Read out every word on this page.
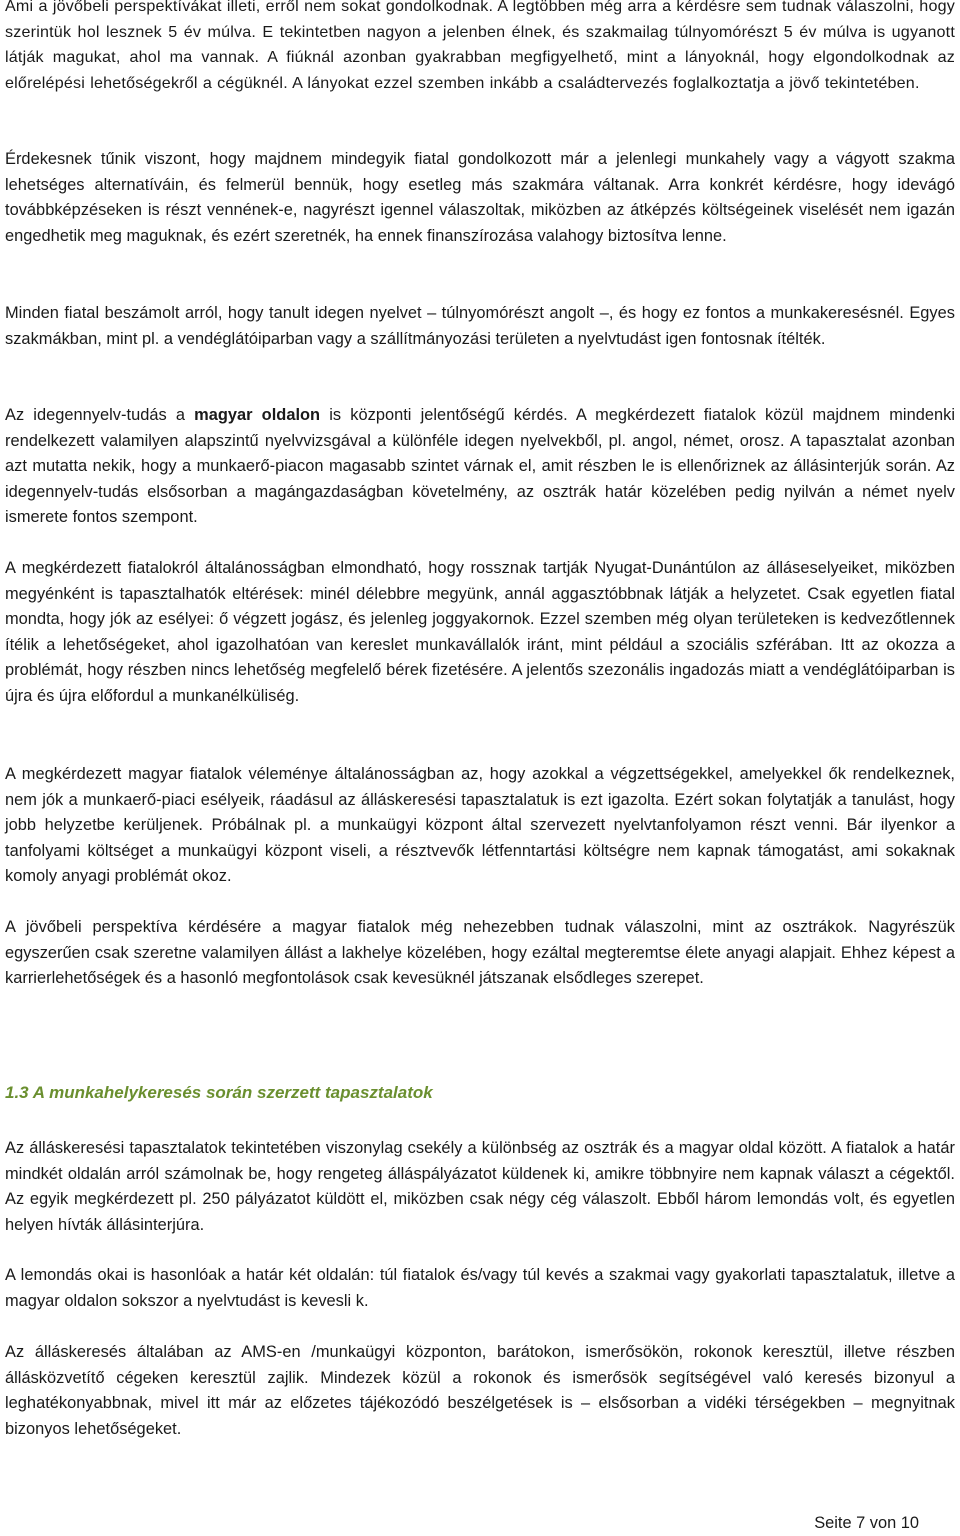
Ami a jövőbeli perspektívákat illeti, erről nem sokat gondolkodnak. A legtöbben még arra a kérdésre sem tudnak válaszolni, hogy szerintük hol lesznek 5 év múlva. E tekintetben nagyon a jelenben élnek, és szakmailag túlnyomórészt 5 év múlva is ugyanott látják magukat, ahol ma vannak. A fiúknál azonban gyakrabban megfigyelhető, mint a lányoknál, hogy elgondolkodnak az előrelépési lehetőségekről a cégüknél. A lányokat ezzel szemben inkább a családtervezés foglalkoztatja a jövő tekintetében.

Érdekesnek tűnik viszont, hogy majdnem mindegyik fiatal gondolkozott már a jelenlegi munkahely vagy a vágyott szakma lehetséges alternatíváin, és felmerül bennük, hogy esetleg más szakmára váltanak. Arra konkrét kérdésre, hogy idevágó továbbképzéseken is részt vennének-e, nagyrészt igennel válaszoltak, miközben az átképzés költségeinek viselését nem igazán engedhetik meg maguknak, és ezért szeretnék, ha ennek finanszírozása valahogy biztosítva lenne.

Minden fiatal beszámolt arról, hogy tanult idegen nyelvet – túlnyomórészt angolt –, és hogy ez fontos a munkakeresésnél. Egyes szakmákban, mint pl. a vendéglátóiparban vagy a szállítmányozási területen a nyelvtudást igen fontosnak ítélték.

Az idegennyelv-tudás a magyar oldalon is központi jelentőségű kérdés. A megkérdezett fiatalok közül majdnem mindenki rendelkezett valamilyen alapszintű nyelvvizsgával a különféle idegen nyelvekből, pl. angol, német, orosz. A tapasztalat azonban azt mutatta nekik, hogy a munkaerő-piacon magasabb szintet várnak el, amit részben le is ellenőriznek az állásinterjúk során. Az idegennyelv-tudás elsősorban a magángazdaságban követelmény, az osztrák határ közelében pedig nyilván a német nyelv ismerete fontos szempont.

A megkérdezett fiatalokról általánosságban elmondható, hogy rossznak tartják Nyugat-Dunántúlon az álláseselyeiket, miközben megyénként is tapasztalhatók eltérések: minél délebbre megyünk, annál aggasztóbbnak látják a helyzetet. Csak egyetlen fiatal mondta, hogy jók az esélyei: ő végzett jogász, és jelenleg joggyakornok. Ezzel szemben még olyan területeken is kedvezőtlennek ítélik a lehetőségeket, ahol igazolhatóan van kereslet munkavállalók iránt, mint például a szociális szférában. Itt az okozza a problémát, hogy részben nincs lehetőség megfelelő bérek fizetésére. A jelentős szezonális ingadozás miatt a vendéglátóiparban is újra és újra előfordul a munkanélküliség.

A megkérdezett magyar fiatalok véleménye általánosságban az, hogy azokkal a végzettségekkel, amelyekkel ők rendelkeznek, nem jók a munkaerő-piaci esélyeik, ráadásul az álláskeresési tapasztalatuk is ezt igazolta. Ezért sokan folytatják a tanulást, hogy jobb helyzetbe kerüljenek. Próbálnak pl. a munkaügyi központ által szervezett nyelvtanfolyamon részt venni. Bár ilyenkor a tanfolyami költséget a munkaügyi központ viseli, a résztvevők létfenntartási költségre nem kapnak támogatást, ami sokaknak komoly anyagi problémát okoz.

A jövőbeli perspektíva kérdésére a magyar fiatalok még nehezebben tudnak válaszolni, mint az osztrákok. Nagyrészük egyszerűen csak szeretne valamilyen állást a lakhelye közelében, hogy ezáltal megteremtse élete anyagi alapjait. Ehhez képest a karrierlehetőségek és a hasonló megfontolások csak kevesüknél játszanak elsődleges szerepet.

1.3 A munkahelykeresés során szerzett tapasztalatok

Az álláskeresési tapasztalatok tekintetében viszonylag csekély a különbség az osztrák és a magyar oldal között. A fiatalok a határ mindkét oldalán arról számolnak be, hogy rengeteg álláspályázatot küldenek ki, amikre többnyire nem kapnak választ a cégektől. Az egyik megkérdezett pl. 250 pályázatot küldött el, miközben csak négy cég válaszolt. Ebből három lemondás volt, és egyetlen helyen hívták állásinterjúra.

A lemondás okai is hasonlóak a határ két oldalán: túl fiatalok és/vagy túl kevés a szakmai vagy gyakorlati tapasztalatuk, illetve a magyar oldalon sokszor a nyelvtudást is kevesli k.

Az álláskeresés általában az AMS-en /munkaügyi központon, barátokon, ismerősökön, rokonok keresztül, illetve részben állásközvetítő cégeken keresztül zajlik. Mindezek közül a rokonok és ismerősök segítségével való keresés bizonyul a leghatékonyabbnak, mivel itt már az előzetes tájékozódó beszélgetések is – elsősorban a vidéki térségekben – megnyitnak bizonyos lehetőségeket.

Seite 7 von 10
